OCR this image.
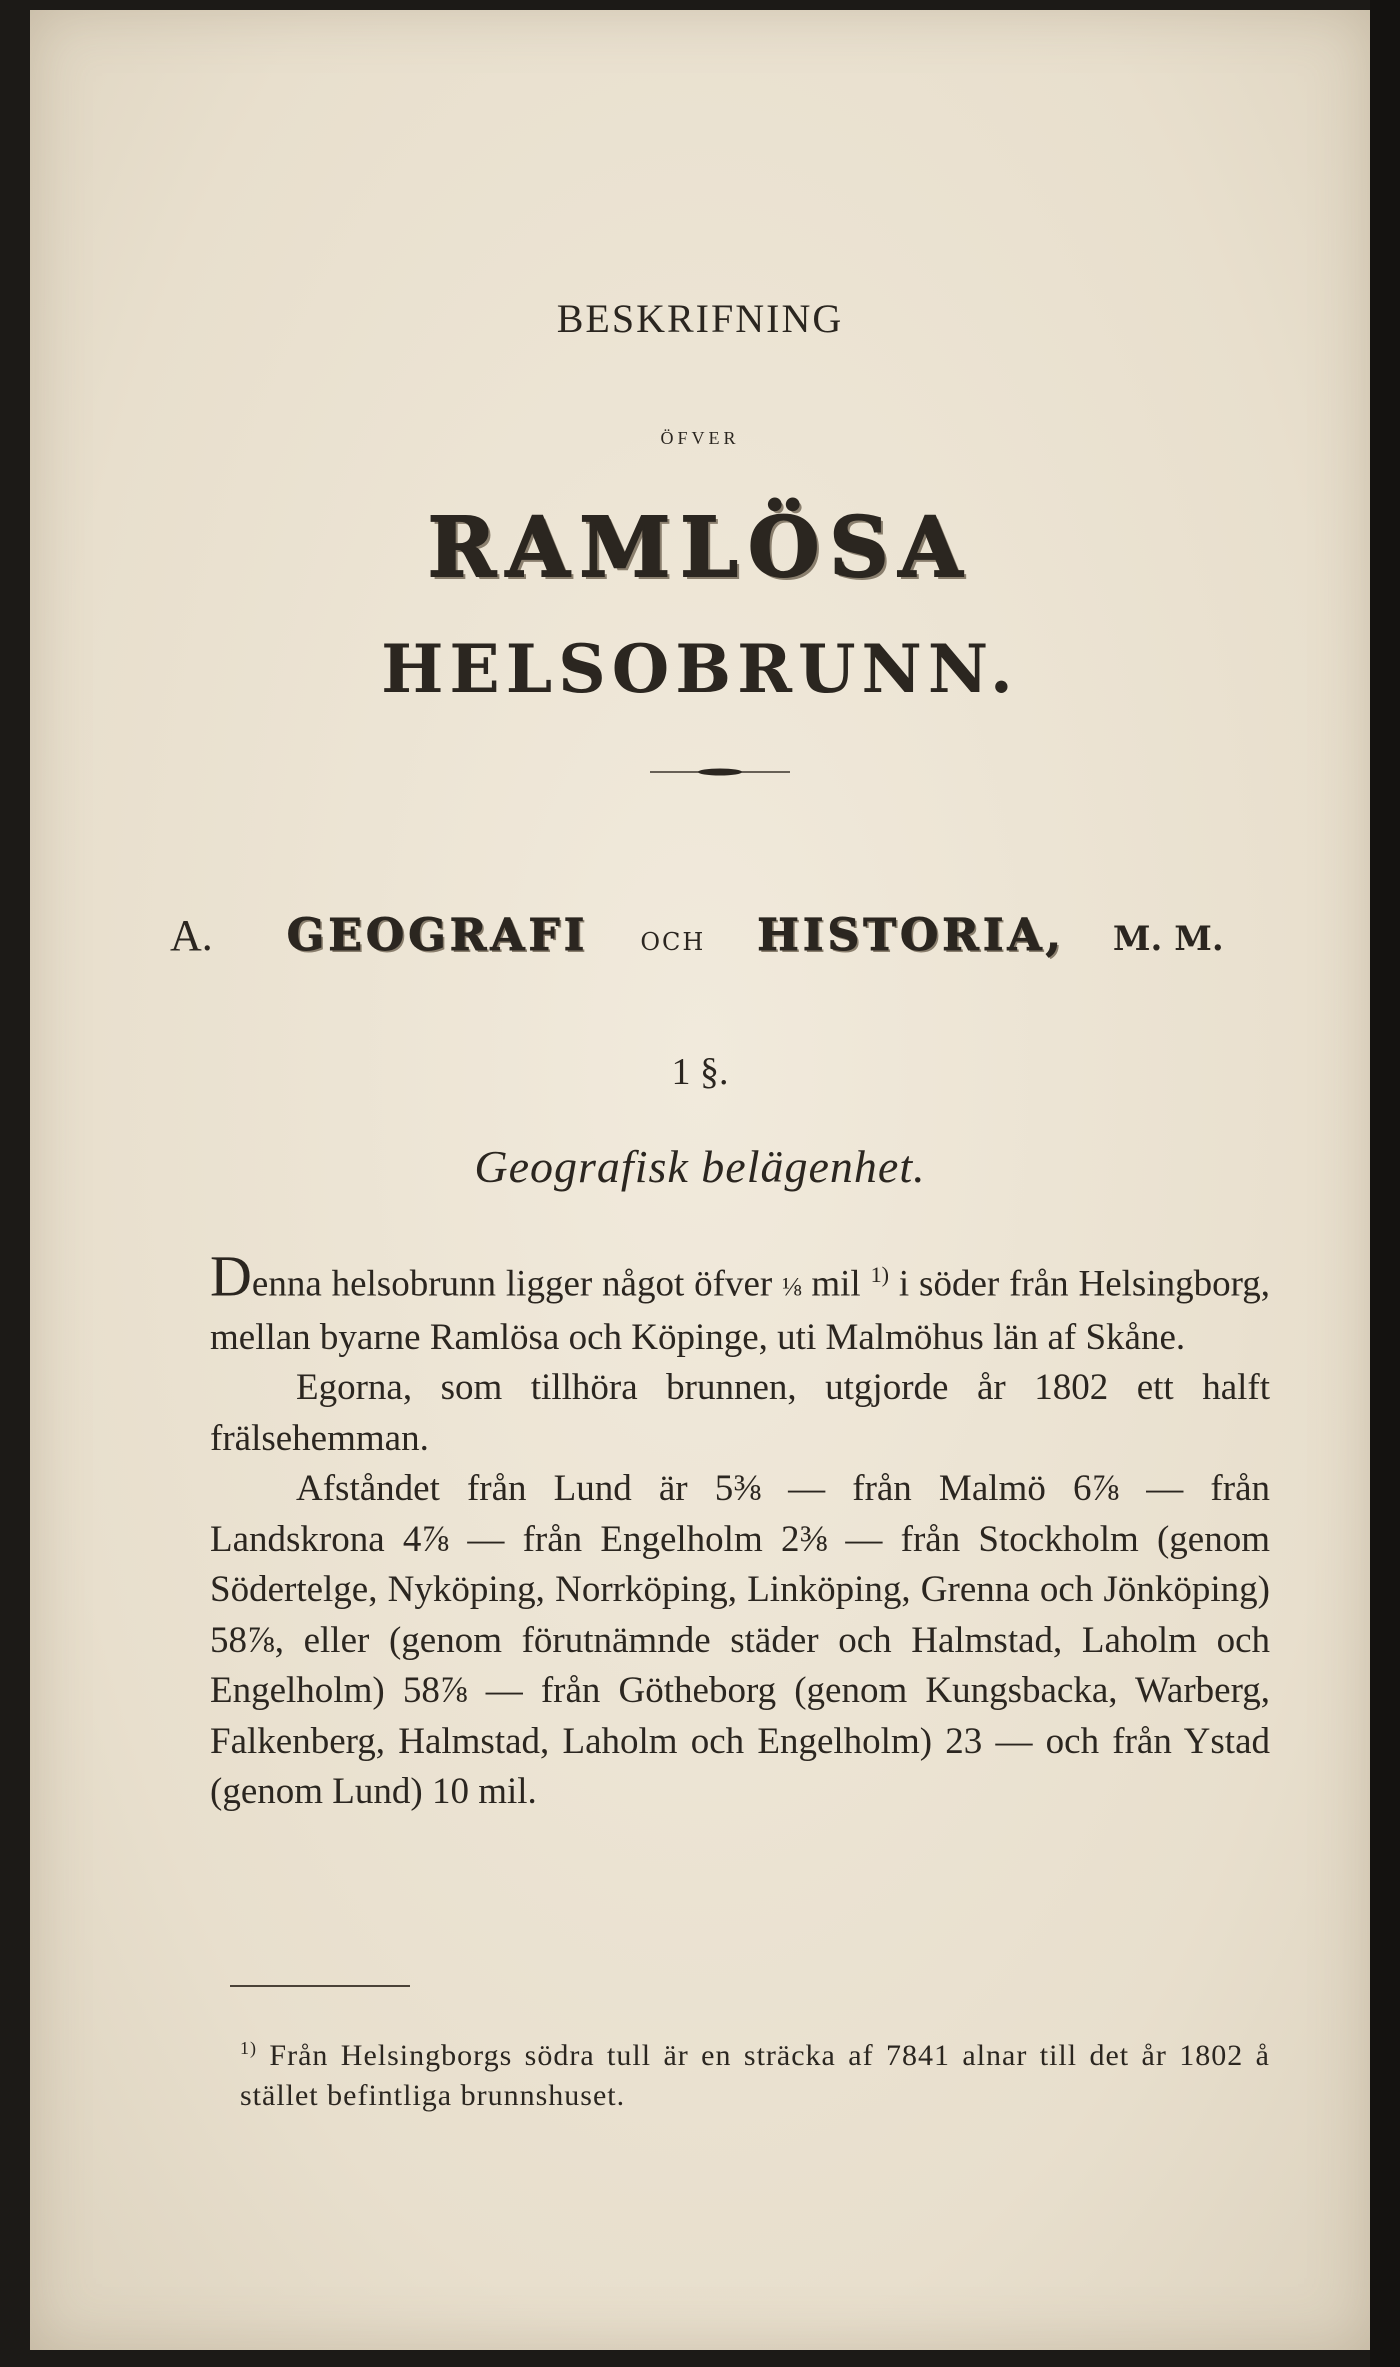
BESKRIFNING
ÖFVER
RAMLÖSA
HELSOBRUNN.
A. GEOGRAFI OCH HISTORIA, M. M.
1 §.
Geografisk belägenhet.

Denna helsobrunn ligger något öfver ⅛ mil $^{1)}$ i söder från Helsingborg, mellan byarne Ramlösa och Köpinge, uti Malmöhus län af Skåne.

Egorna, som tillhöra brunnen, utgjorde år 1802 ett halft frälsehemman.

Afståndet från Lund är 5⅜ — från Malmö 6⅞ — från Landskrona 4⅞ — från Engelholm 2⅜ — från Stockholm (genom Södertelge, Nyköping, Norrköping, Linköping, Grenna och Jönköping) 58⅞, eller (genom förutnämnde städer och Halmstad, Laholm och Engelholm) 58⅞ — från Götheborg (genom Kungsbacka, Warberg, Falkenberg, Halmstad, Laholm och Engelholm) 23 — och från Ystad (genom Lund) 10 mil.

$^{1)}$ Från Helsingborgs södra tull är en sträcka af 7841 alnar till det år 1802 å stället befintliga brunnshuset.
